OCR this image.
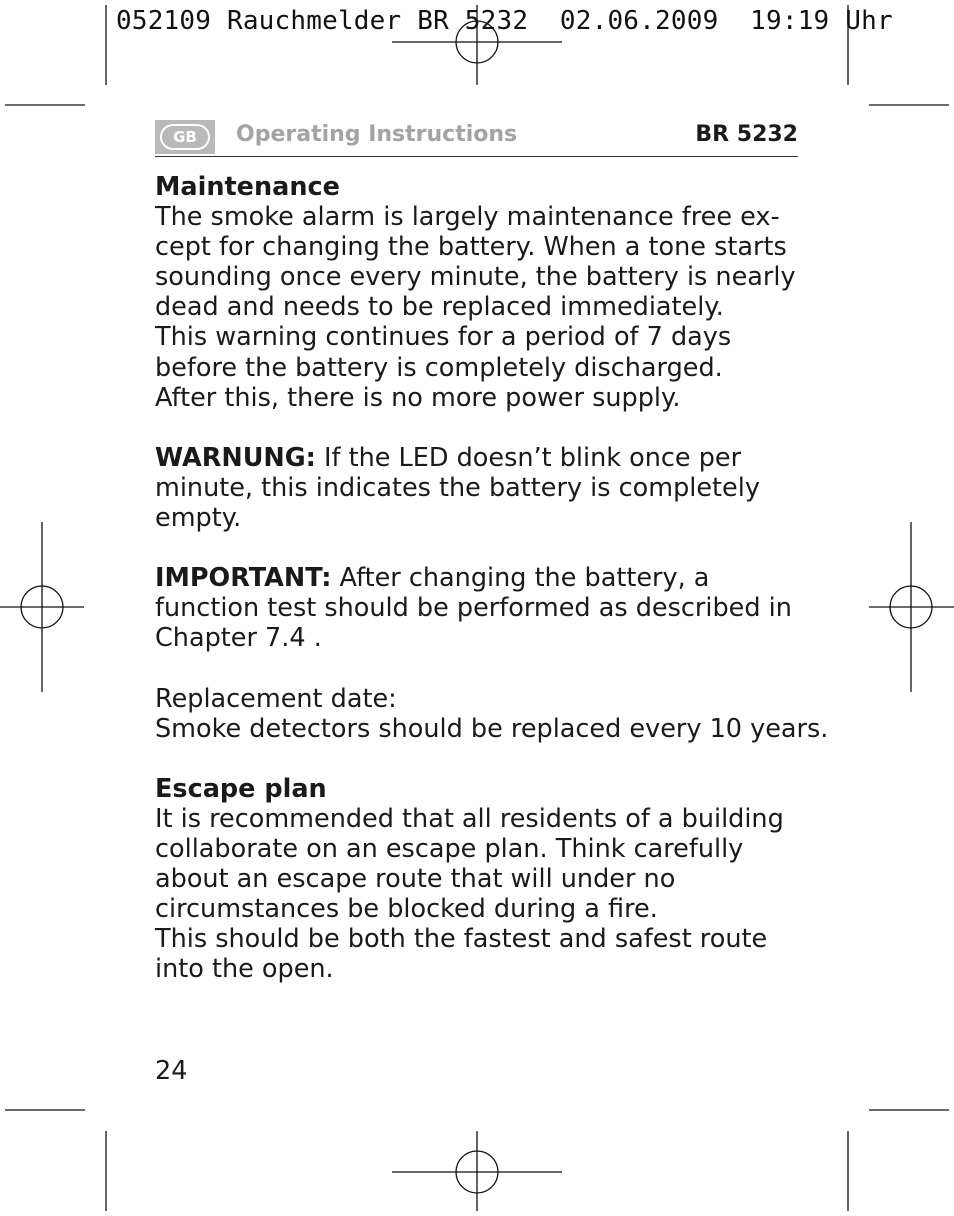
052109 Rauchmelder BR 5232  02.06.2009  19:19 Uhr
GB	Operating Instructions	BR 5232
Maintenance
The smoke alarm is largely maintenance free ex-
cept for changing the battery. When a tone starts
sounding once every minute, the battery is nearly
dead and needs to be replaced immediately.
This warning continues for a period of 7 days
before the battery is completely discharged.
After this, there is no more power supply.
WARNUNG: If the LED doesn’t blink once per
minute, this indicates the battery is completely
empty.
IMPORTANT: After changing the battery, a
function test should be performed as described in
Chapter 7.4 .
Replacement date:
Smoke detectors should be replaced every 10 years.
Escape plan
It is recommended that all residents of a building
collaborate on an escape plan. Think carefully
about an escape route that will under no
circumstances be blocked during a fire.
This should be both the fastest and safest route
into the open.
24
